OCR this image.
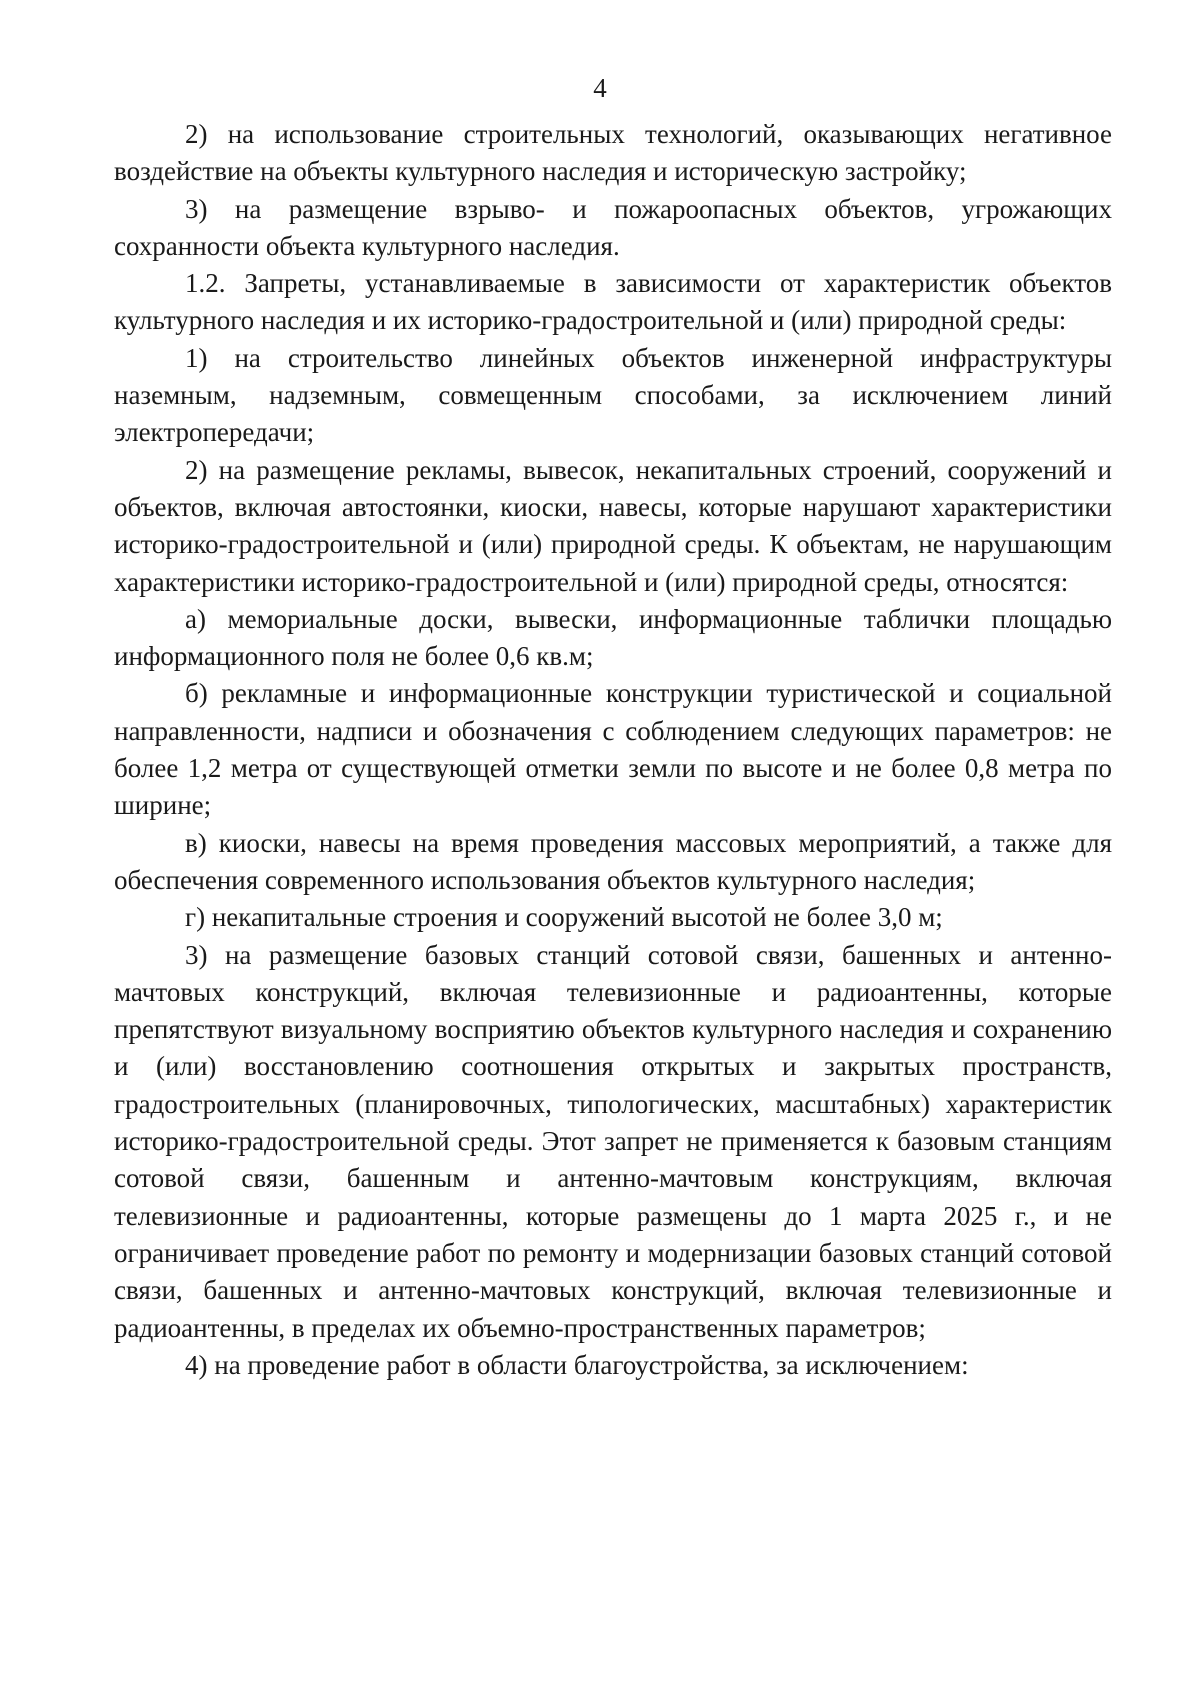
4

2) на использование строительных технологий, оказывающих негативное воздействие на объекты культурного наследия и историческую застройку;

3) на размещение взрыво- и пожароопасных объектов, угрожающих сохранности объекта культурного наследия.

1.2. Запреты, устанавливаемые в зависимости от характеристик объектов культурного наследия и их историко-градостроительной и (или) природной среды:

1) на строительство линейных объектов инженерной инфраструктуры наземным, надземным, совмещенным способами, за исключением линий электропередачи;

2) на размещение рекламы, вывесок, некапитальных строений, сооружений и объектов, включая автостоянки, киоски, навесы, которые нарушают характеристики историко-градостроительной и (или) природной среды. К объектам, не нарушающим характеристики историко-градостроительной и (или) природной среды, относятся:

а) мемориальные доски, вывески, информационные таблички площадью информационного поля не более 0,6 кв.м;

б) рекламные и информационные конструкции туристической и социальной направленности, надписи и обозначения с соблюдением следующих параметров: не более 1,2 метра от существующей отметки земли по высоте и не более 0,8 метра по ширине;

в) киоски, навесы на время проведения массовых мероприятий, а также для обеспечения современного использования объектов культурного наследия;

г) некапитальные строения и сооружений высотой не более 3,0 м;

3) на размещение базовых станций сотовой связи, башенных и антенно-мачтовых конструкций, включая телевизионные и радиоантенны, которые препятствуют визуальному восприятию объектов культурного наследия и сохранению и (или) восстановлению соотношения открытых и закрытых пространств, градостроительных (планировочных, типологических, масштабных) характеристик историко-градостроительной среды. Этот запрет не применяется к базовым станциям сотовой связи, башенным и антенно-мачтовым конструкциям, включая телевизионные и радиоантенны, которые размещены до 1 марта 2025 г., и не ограничивает проведение работ по ремонту и модернизации базовых станций сотовой связи, башенных и антенно-мачтовых конструкций, включая телевизионные и радиоантенны, в пределах их объемно-пространственных параметров;

4) на проведение работ в области благоустройства, за исключением:
